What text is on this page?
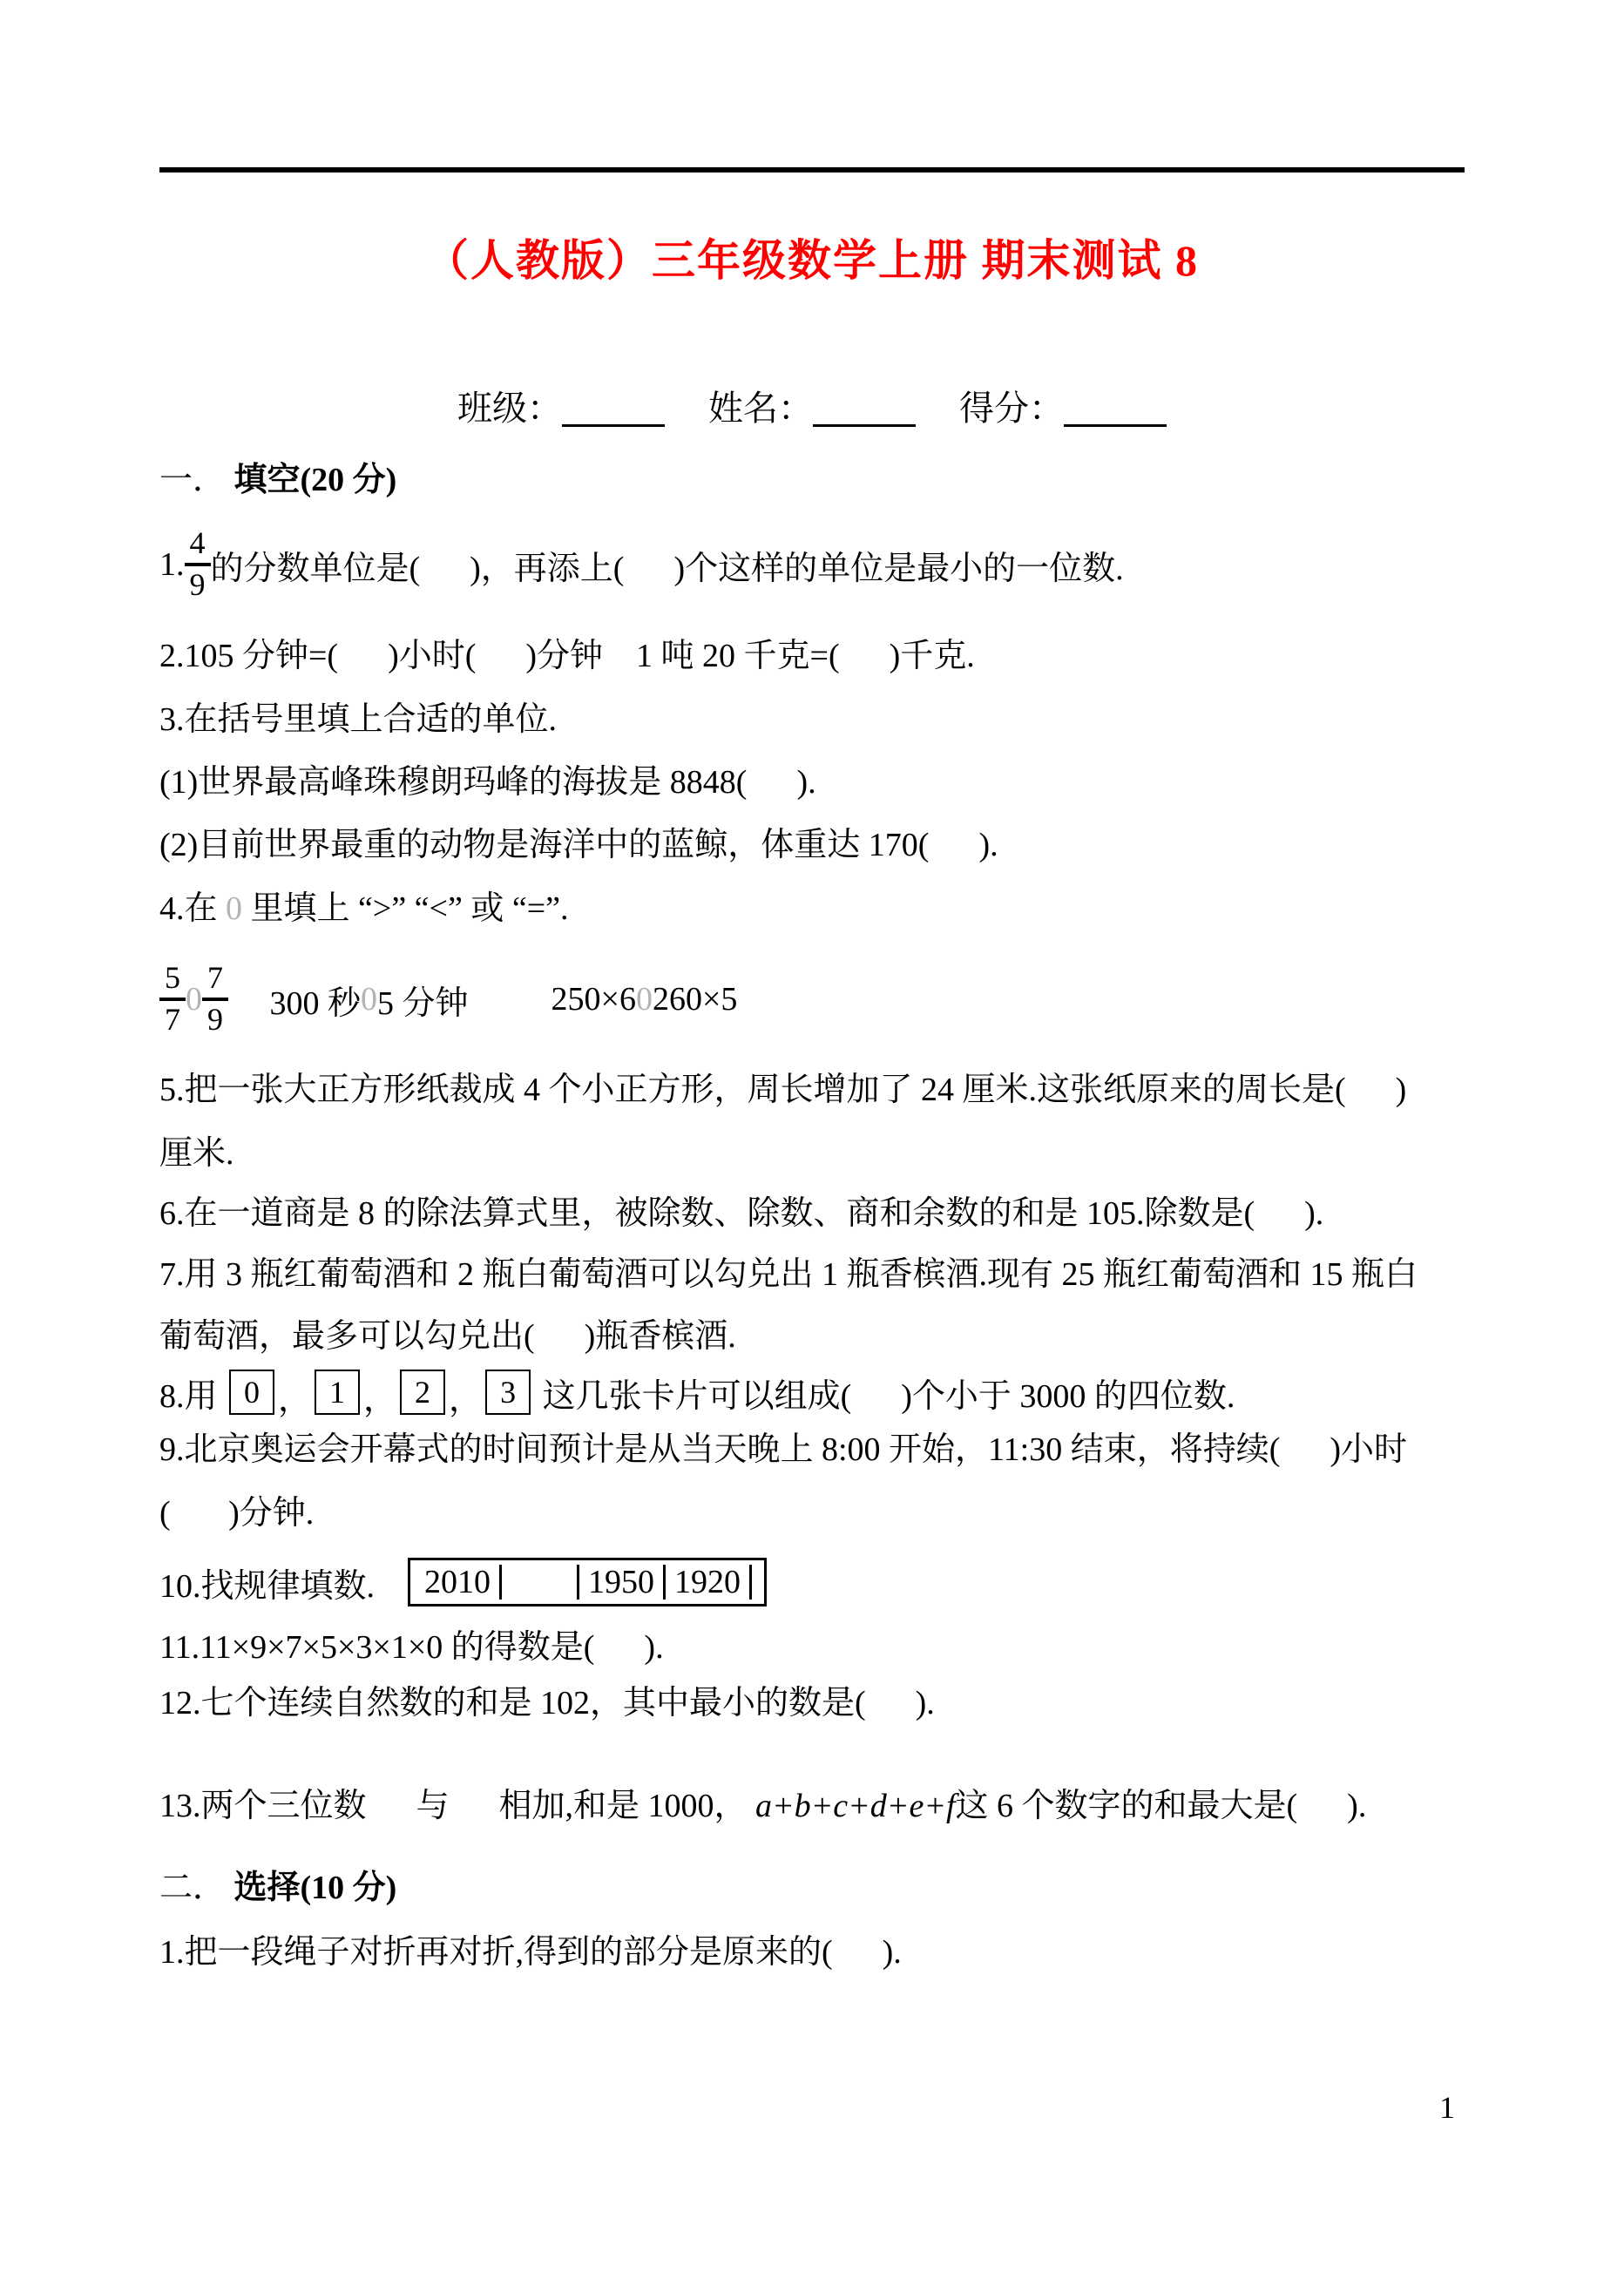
（人教版）三年级数学上册 期末测试 8
班级：	姓名：	得分：
一． 填空(20 分)
1. $\frac{4}{9}$ 的分数单位是(      )，再添上(      )个这样的单位是最小的一位数.
2.105 分钟=(      )小时(      )分钟    1 吨 20 千克=(      )千克.
3.在括号里填上合适的单位.
(1)世界最高峰珠穆朗玛峰的海拔是 8848(      ).
(2)目前世界最重的动物是海洋中的蓝鲸，体重达 170(      ).
4.在 0 里填上 “>” “<” 或 “=”.
$\frac{5}{7} 0 \frac{7}{9} 300$ 秒 0 5 分钟 250×6 0 260×5
5.把一张大正方形纸裁成 4 个小正方形，周长增加了 24 厘米.这张纸原来的周长是(      )
厘米.
6.在一道商是 8 的除法算式里，被除数、除数、商和余数的和是 105.除数是(      ).
7.用 3 瓶红葡萄酒和 2 瓶白葡萄酒可以勾兑出 1 瓶香槟酒.现有 25 瓶红葡萄酒和 15 瓶白
葡萄酒，最多可以勾兑出(      )瓶香槟酒.
8.用 0 ， 1 ， 2 ， 3 这几张卡片可以组成(      )个小于 3000 的四位数.
9.北京奥运会开幕式的时间预计是从当天晚上 8:00 开始，11:30 结束，将持续(      )小时
(       )分钟.
10.找规律填数.	2010	1950 1920
11.11×9×7×5×3×1×0 的得数是(      ).
12.七个连续自然数的和是 102，其中最小的数是(      ).
13.两个三位数      与      相加,和是 1000， a+b+c+d+e+f这 6 个数字的和最大是(      ).
二． 选择(10 分)
1.把一段绳子对折再对折,得到的部分是原来的(      ).
1
